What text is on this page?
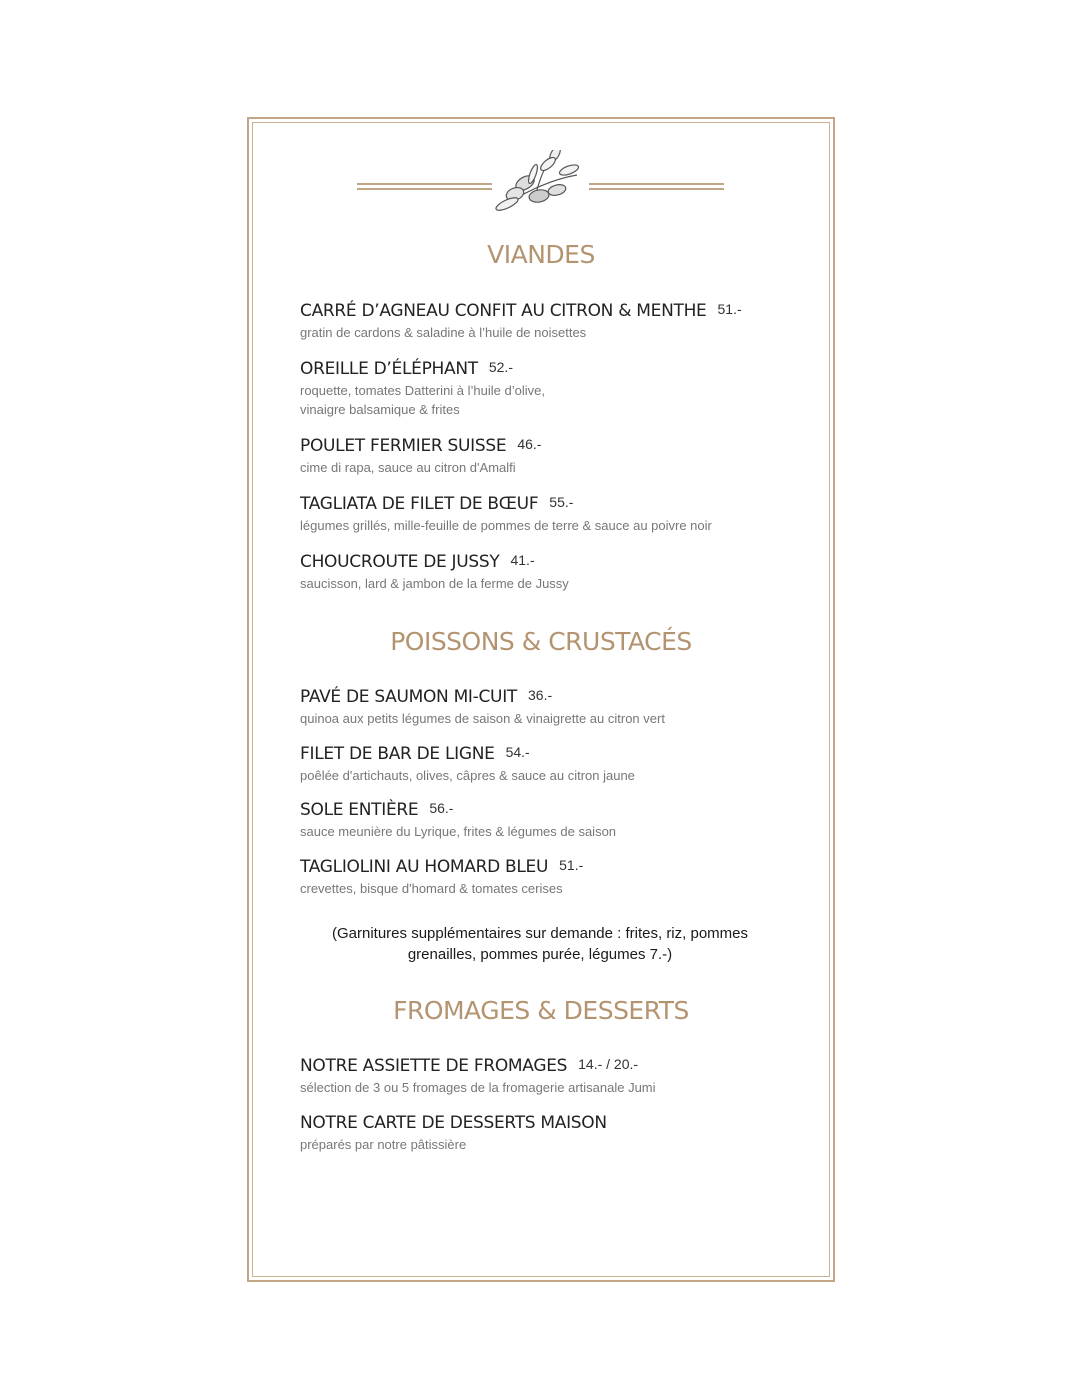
VIANDES
CARRÉ D’AGNEAU CONFIT AU CITRON & MENTHE 51.-

gratin de cardons & saladine à l’huile de noisettes

OREILLE D’ÉLÉPHANT 52.-

roquette, tomates Datterini à l’huile d’olive,
vinaigre balsamique & frites

POULET FERMIER SUISSE 46.-

cime di rapa, sauce au citron d'Amalfi

TAGLIATA DE FILET DE BŒUF 55.-

légumes grillés, mille-feuille de pommes de terre & sauce au poivre noir

CHOUCROUTE DE JUSSY 41.-

saucisson, lard & jambon de la ferme de Jussy

POISSONS & CRUSTACÉS
PAVÉ DE SAUMON MI-CUIT 36.-

quinoa aux petits légumes de saison & vinaigrette au citron vert

FILET DE BAR DE LIGNE 54.-

poêlée d'artichauts, olives, câpres & sauce au citron jaune

SOLE ENTIÈRE 56.-

sauce meunière du Lyrique, frites & légumes de saison

TAGLIOLINI AU HOMARD BLEU 51.-

crevettes, bisque d'homard & tomates cerises

(Garnitures supplémentaires sur demande : frites, riz, pommes grenailles, pommes purée, légumes 7.-)

FROMAGES & DESSERTS
NOTRE ASSIETTE DE FROMAGES 14.- / 20.-

sélection de 3 ou 5 fromages de la fromagerie artisanale Jumi

NOTRE CARTE DE DESSERTS MAISON

préparés par notre pâtissière
